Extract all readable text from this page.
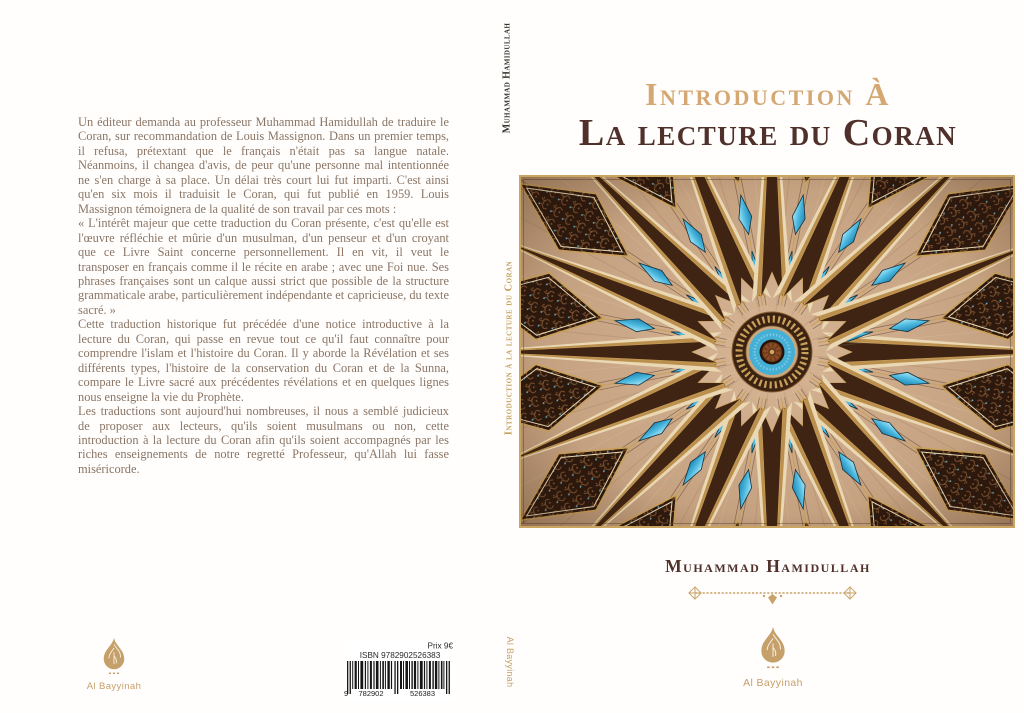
Un éditeur demanda au professeur Muhammad Hamidullah de traduire le Coran, sur recommandation de Louis Massignon. Dans un premier temps, il refusa, prétextant que le français n'était pas sa langue natale. Néanmoins, il changea d'avis, de peur qu'une personne mal intentionnée ne s'en charge à sa place. Un délai très court lui fut imparti. C'est ainsi qu'en six mois il traduisit le Coran, qui fut publié en 1959. Louis Massignon témoignera de la qualité de son travail par ces mots :

« L'intérêt majeur que cette traduction du Coran présente, c'est qu'elle est l'œuvre réfléchie et mûrie d'un musulman, d'un penseur et d'un croyant que ce Livre Saint concerne personnellement. Il en vit, il veut le transposer en français comme il le récite en arabe ; avec une Foi nue. Ses phrases françaises sont un calque aussi strict que possible de la structure grammaticale arabe, particulièrement indépendante et capricieuse, du texte sacré. »

Cette traduction historique fut précédée d'une notice introductive à la lecture du Coran, qui passe en revue tout ce qu'il faut connaître pour comprendre l'islam et l'histoire du Coran. Il y aborde la Révélation et ses différents types, l'histoire de la conservation du Coran et de la Sunna, compare le Livre sacré aux précédentes révélations et en quelques lignes nous enseigne la vie du Prophète.

Les traductions sont aujourd'hui nombreuses, il nous a semblé judicieux de proposer aux lecteurs, qu'ils soient musulmans ou non, cette introduction à la lecture du Coran afin qu'ils soient accompagnés par les riches enseignements de notre regretté Professeur, qu'Allah lui fasse miséricorde.

Al Bayyinah
Prix 9€
ISBN 9782902526383
9 782902	526383
Muhammad Hamidullah
Introduction à la lecture du Coran
Al Bayyinah
Introduction À
La lecture du Coran
Muhammad Hamidullah
Al Bayyinah
